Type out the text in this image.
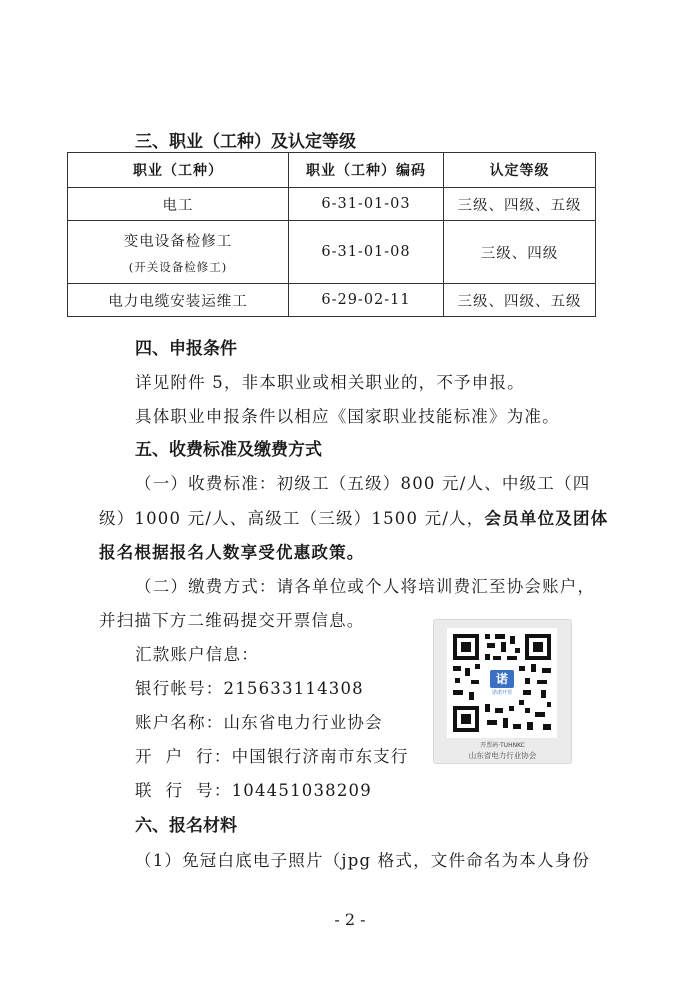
三、职业（工种）及认定等级
职业（工种）	职业（工种）编码	认定等级
电工	6-31-01-03	三级、四级、五级
变电设备检修工
(开关设备检修工)	6-31-01-08	三级、四级
电力电缆安装运维工	6-29-02-11	三级、四级、五级
四、申报条件
详见附件 5，非本职业或相关职业的，不予申报。
具体职业申报条件以相应《国家职业技能标准》为准。
五、收费标准及缴费方式
（一）收费标准：初级工（五级）800 元/人、中级工（四
级）1000 元/人、高级工（三级）1500 元/人，会员单位及团体
报名根据报名人数享受优惠政策。
（二）缴费方式：请各单位或个人将培训费汇至协会账户，
并扫描下方二维码提交开票信息。
汇款账户信息：
银行帐号：215633114308
账户名称：山东省电力行业协会
开  户  行：中国银行济南市东支行
联  行  号：104451038209
诺
诺诺开票
开票码·TUHNKC
山东省电力行业协会
六、报名材料
（1）免冠白底电子照片（jpg 格式，文件命名为本人身份
- 2 -
